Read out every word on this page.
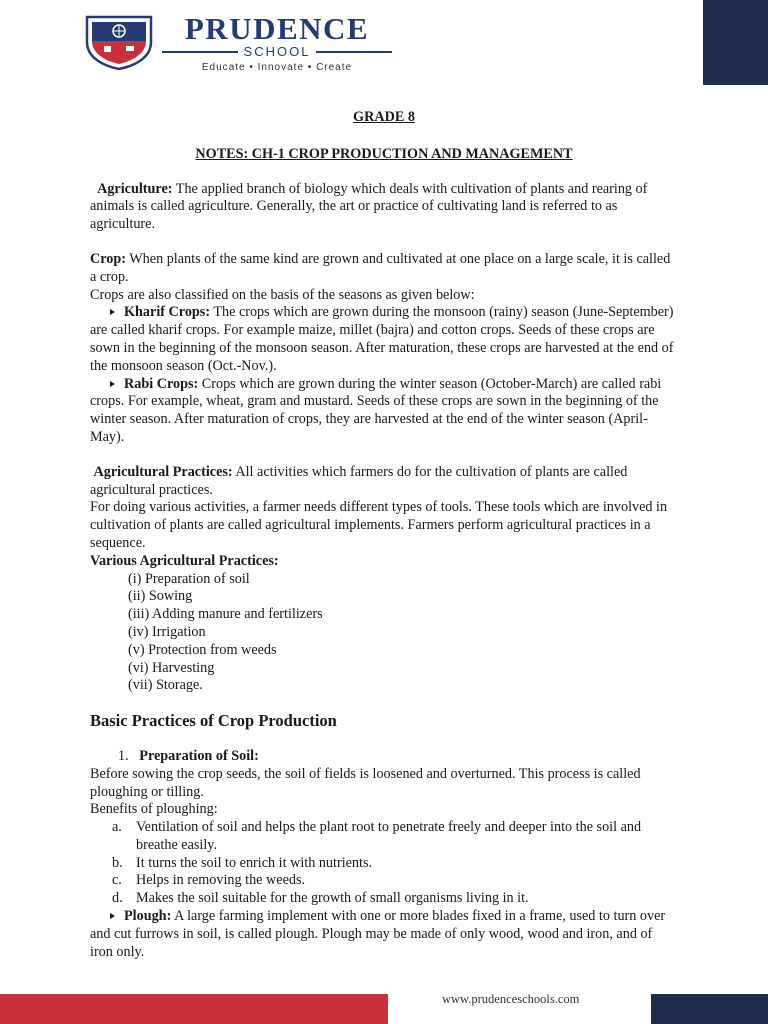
PRUDENCE
SCHOOL
Educate • Innovate • Create
GRADE 8
NOTES: CH-1 CROP PRODUCTION AND MANAGEMENT

Agriculture: The applied branch of biology which deals with cultivation of plants and rearing of animals is called agriculture. Generally, the art or practice of cultivating land is referred to as agriculture.

Crop: When plants of the same kind are grown and cultivated at one place on a large scale, it is called a crop.

Crops are also classified on the basis of the seasons as given below:

Kharif Crops: The crops which are grown during the monsoon (rainy) season (June-September) are called kharif crops. For example maize, millet (bajra) and cotton crops. Seeds of these crops are sown in the beginning of the monsoon season. After maturation, these crops are harvested at the end of the monsoon season (Oct.-Nov.).

Rabi Crops: Crops which are grown during the winter season (October-March) are called rabi crops. For example, wheat, gram and mustard. Seeds of these crops are sown in the beginning of the winter season. After maturation of crops, they are harvested at the end of the winter season (April-May).

Agricultural Practices: All activities which farmers do for the cultivation of plants are called agricultural practices.

For doing various activities, a farmer needs different types of tools. These tools which are involved in cultivation of plants are called agricultural implements. Farmers perform agricultural practices in a sequence.

Various Agricultural Practices:

(i) Preparation of soil
(ii) Sowing
(iii) Adding manure and fertilizers
(iv) Irrigation
(v) Protection from weeds
(vi) Harvesting
(vii) Storage.
Basic Practices of Crop Production

1. Preparation of Soil:

Before sowing the crop seeds, the soil of fields is loosened and overturned. This process is called ploughing or tilling.

Benefits of ploughing:

a. Ventilation of soil and helps the plant root to penetrate freely and deeper into the soil and breathe easily.
b. It turns the soil to enrich it with nutrients.
c. Helps in removing the weeds.
d. Makes the soil suitable for the growth of small organisms living in it.

Plough: A large farming implement with one or more blades fixed in a frame, used to turn over and cut furrows in soil, is called plough. Plough may be made of only wood, wood and iron, and of iron only.

www.prudenceschools.com
